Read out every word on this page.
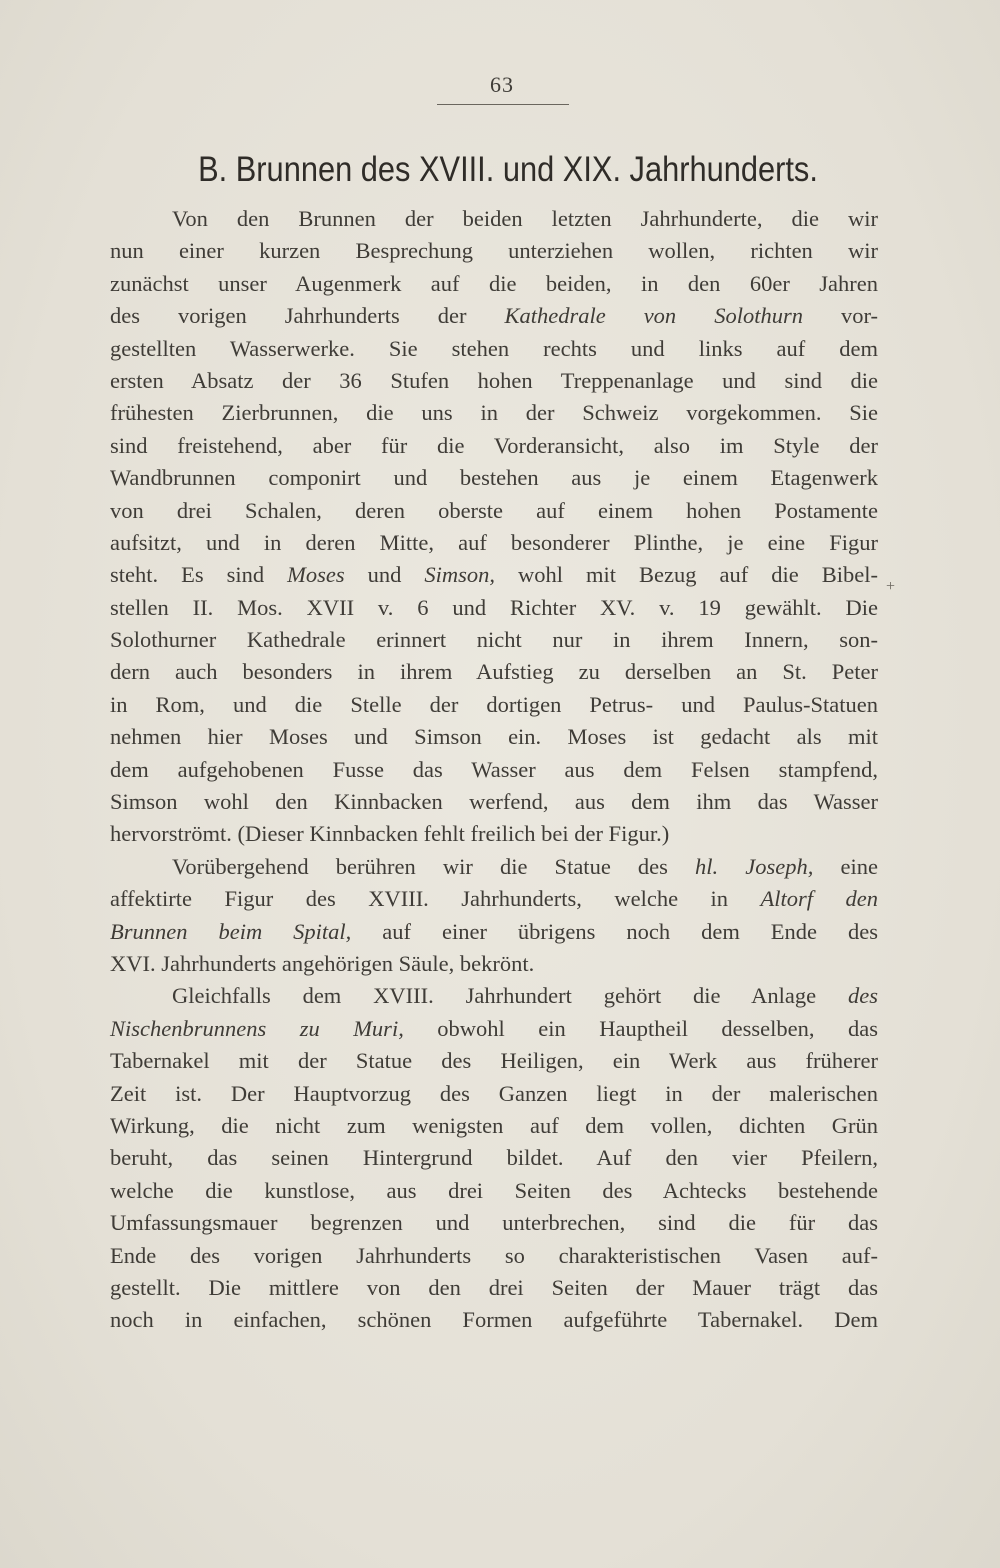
63
B. Brunnen des XVIII. und XIX. Jahrhunderts.
Von den Brunnen der beiden letzten Jahrhunderte, die wir
nun einer kurzen Besprechung unterziehen wollen, richten wir
zunächst unser Augenmerk auf die beiden, in den 60er Jahren
des vorigen Jahrhunderts der Kathedrale von Solothurn vor-
gestellten Wasserwerke. Sie stehen rechts und links auf dem
ersten Absatz der 36 Stufen hohen Treppenanlage und sind die
frühesten Zierbrunnen, die uns in der Schweiz vorgekommen. Sie
sind freistehend, aber für die Vorderansicht, also im Style der
Wandbrunnen componirt und bestehen aus je einem Etagenwerk
von drei Schalen, deren oberste auf einem hohen Postamente
aufsitzt, und in deren Mitte, auf besonderer Plinthe, je eine Figur
steht. Es sind Moses und Simson, wohl mit Bezug auf die Bibel-
stellen II. Mos. XVII v. 6 und Richter XV. v. 19 gewählt. Die
Solothurner Kathedrale erinnert nicht nur in ihrem Innern, son-
dern auch besonders in ihrem Aufstieg zu derselben an St. Peter
in Rom, und die Stelle der dortigen Petrus- und Paulus-Statuen
nehmen hier Moses und Simson ein. Moses ist gedacht als mit
dem aufgehobenen Fusse das Wasser aus dem Felsen stampfend,
Simson wohl den Kinnbacken werfend, aus dem ihm das Wasser
hervorströmt. (Dieser Kinnbacken fehlt freilich bei der Figur.)
Vorübergehend berühren wir die Statue des hl. Joseph, eine
affektirte Figur des XVIII. Jahrhunderts, welche in Altorf den
Brunnen beim Spital, auf einer übrigens noch dem Ende des
XVI. Jahrhunderts angehörigen Säule, bekrönt.
Gleichfalls dem XVIII. Jahrhundert gehört die Anlage des
Nischenbrunnens zu Muri, obwohl ein Hauptheil desselben, das
Tabernakel mit der Statue des Heiligen, ein Werk aus früherer
Zeit ist. Der Hauptvorzug des Ganzen liegt in der malerischen
Wirkung, die nicht zum wenigsten auf dem vollen, dichten Grün
beruht, das seinen Hintergrund bildet. Auf den vier Pfeilern,
welche die kunstlose, aus drei Seiten des Achtecks bestehende
Umfassungsmauer begrenzen und unterbrechen, sind die für das
Ende des vorigen Jahrhunderts so charakteristischen Vasen auf-
gestellt. Die mittlere von den drei Seiten der Mauer trägt das
noch in einfachen, schönen Formen aufgeführte Tabernakel. Dem
+
